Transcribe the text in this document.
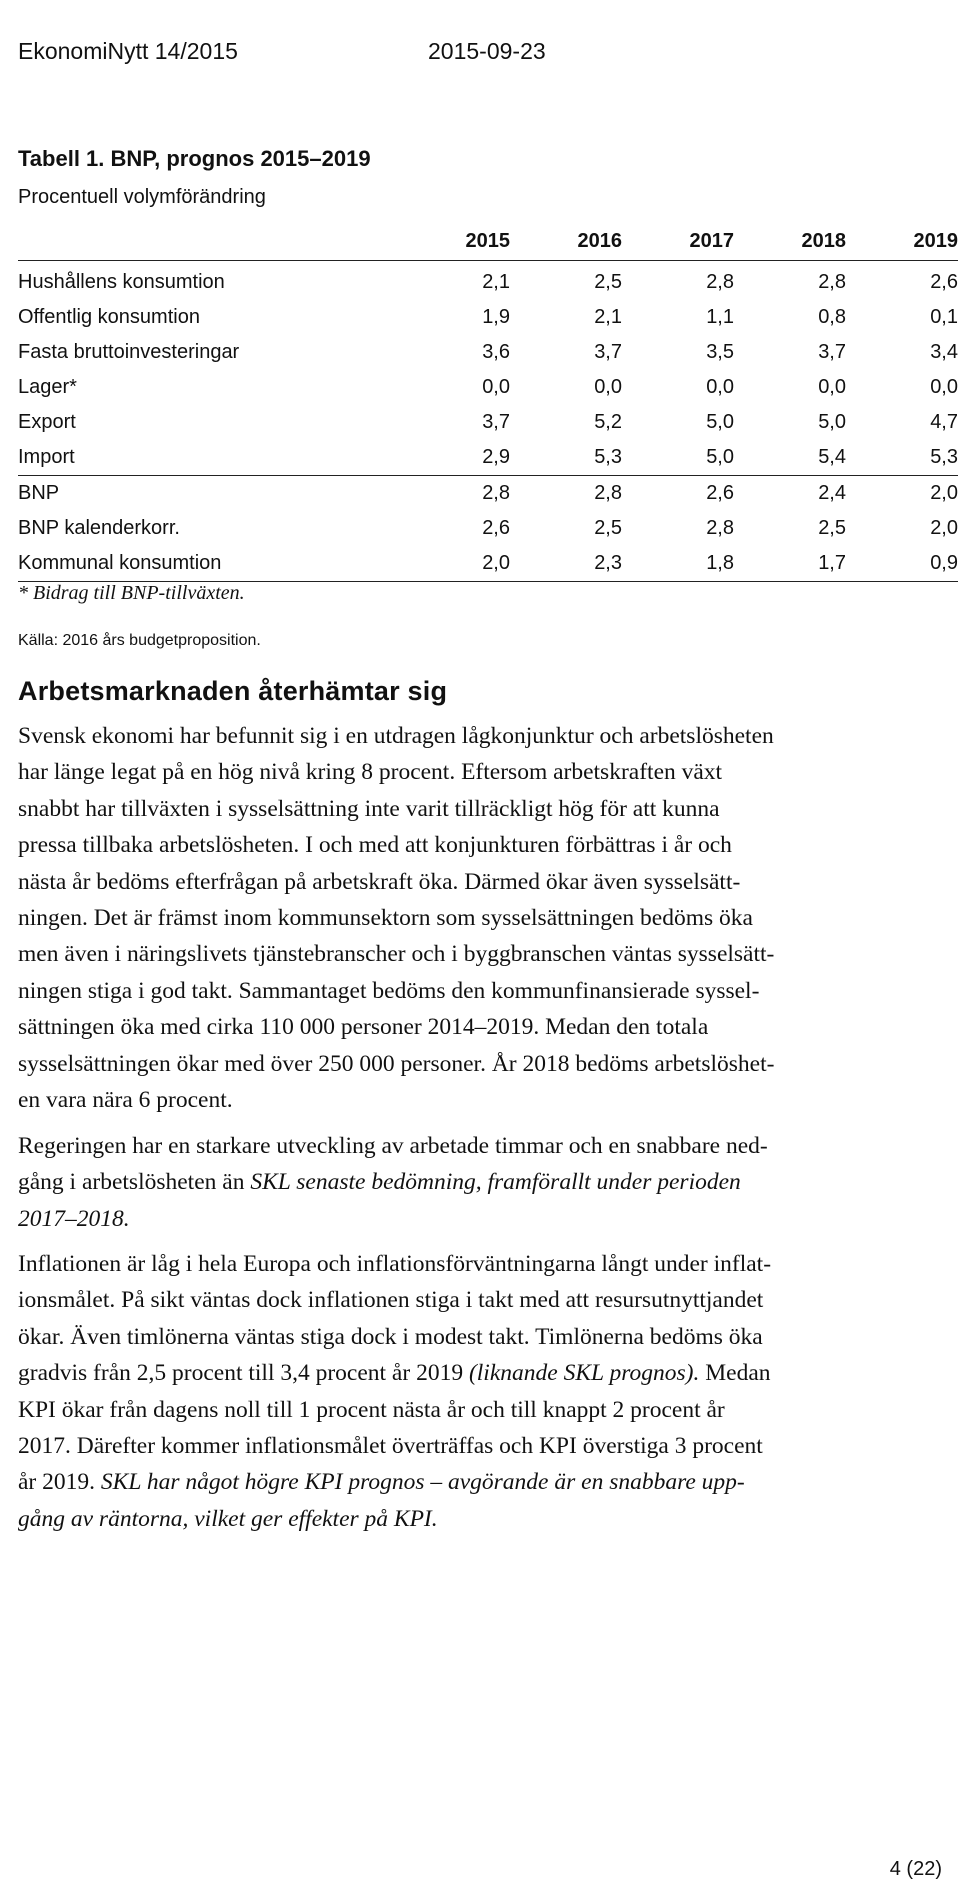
EkonomiNytt 14/2015	2015-09-23
Tabell 1. BNP, prognos 2015–2019
Procentuell volymförändring
	2015	2016	2017	2018	2019
Hushållens konsumtion	2,1	2,5	2,8	2,8	2,6
Offentlig konsumtion	1,9	2,1	1,1	0,8	0,1
Fasta bruttoinvesteringar	3,6	3,7	3,5	3,7	3,4
Lager*	0,0	0,0	0,0	0,0	0,0
Export	3,7	5,2	5,0	5,0	4,7
Import	2,9	5,3	5,0	5,4	5,3
BNP	2,8	2,8	2,6	2,4	2,0
BNP kalenderkorr.	2,6	2,5	2,8	2,5	2,0
Kommunal konsumtion	2,0	2,3	1,8	1,7	0,9
* Bidrag till BNP-tillväxten.
Källa: 2016 års budgetproposition.
Arbetsmarknaden återhämtar sig
Svensk ekonomi har befunnit sig i en utdragen lågkonjunktur och arbetslösheten
har länge legat på en hög nivå kring 8 procent. Eftersom arbetskraften växt
snabbt har tillväxten i sysselsättning inte varit tillräckligt hög för att kunna
pressa tillbaka arbetslösheten. I och med att konjunkturen förbättras i år och
nästa år bedöms efterfrågan på arbetskraft öka. Därmed ökar även sysselsätt-
ningen. Det är främst inom kommunsektorn som sysselsättningen bedöms öka
men även i näringslivets tjänstebranscher och i byggbranschen väntas sysselsätt-
ningen stiga i god takt. Sammantaget bedöms den kommunfinansierade syssel-
sättningen öka med cirka 110 000 personer 2014–2019. Medan den totala
sysselsättningen ökar med över 250 000 personer. År 2018 bedöms arbetslöshet-
en vara nära 6 procent.
Regeringen har en starkare utveckling av arbetade timmar och en snabbare ned-
gång i arbetslösheten än SKL senaste bedömning, framförallt under perioden
2017–2018.
Inflationen är låg i hela Europa och inflationsförväntningarna långt under inflat-
ionsmålet. På sikt väntas dock inflationen stiga i takt med att resursutnyttjandet
ökar. Även timlönerna väntas stiga dock i modest takt. Timlönerna bedöms öka
gradvis från 2,5 procent till 3,4 procent år 2019 (liknande SKL prognos). Medan
KPI ökar från dagens noll till 1 procent nästa år och till knappt 2 procent år
2017. Därefter kommer inflationsmålet överträffas och KPI överstiga 3 procent
år 2019. SKL har något högre KPI prognos – avgörande är en snabbare upp-
gång av räntorna, vilket ger effekter på KPI.
4 (22)
